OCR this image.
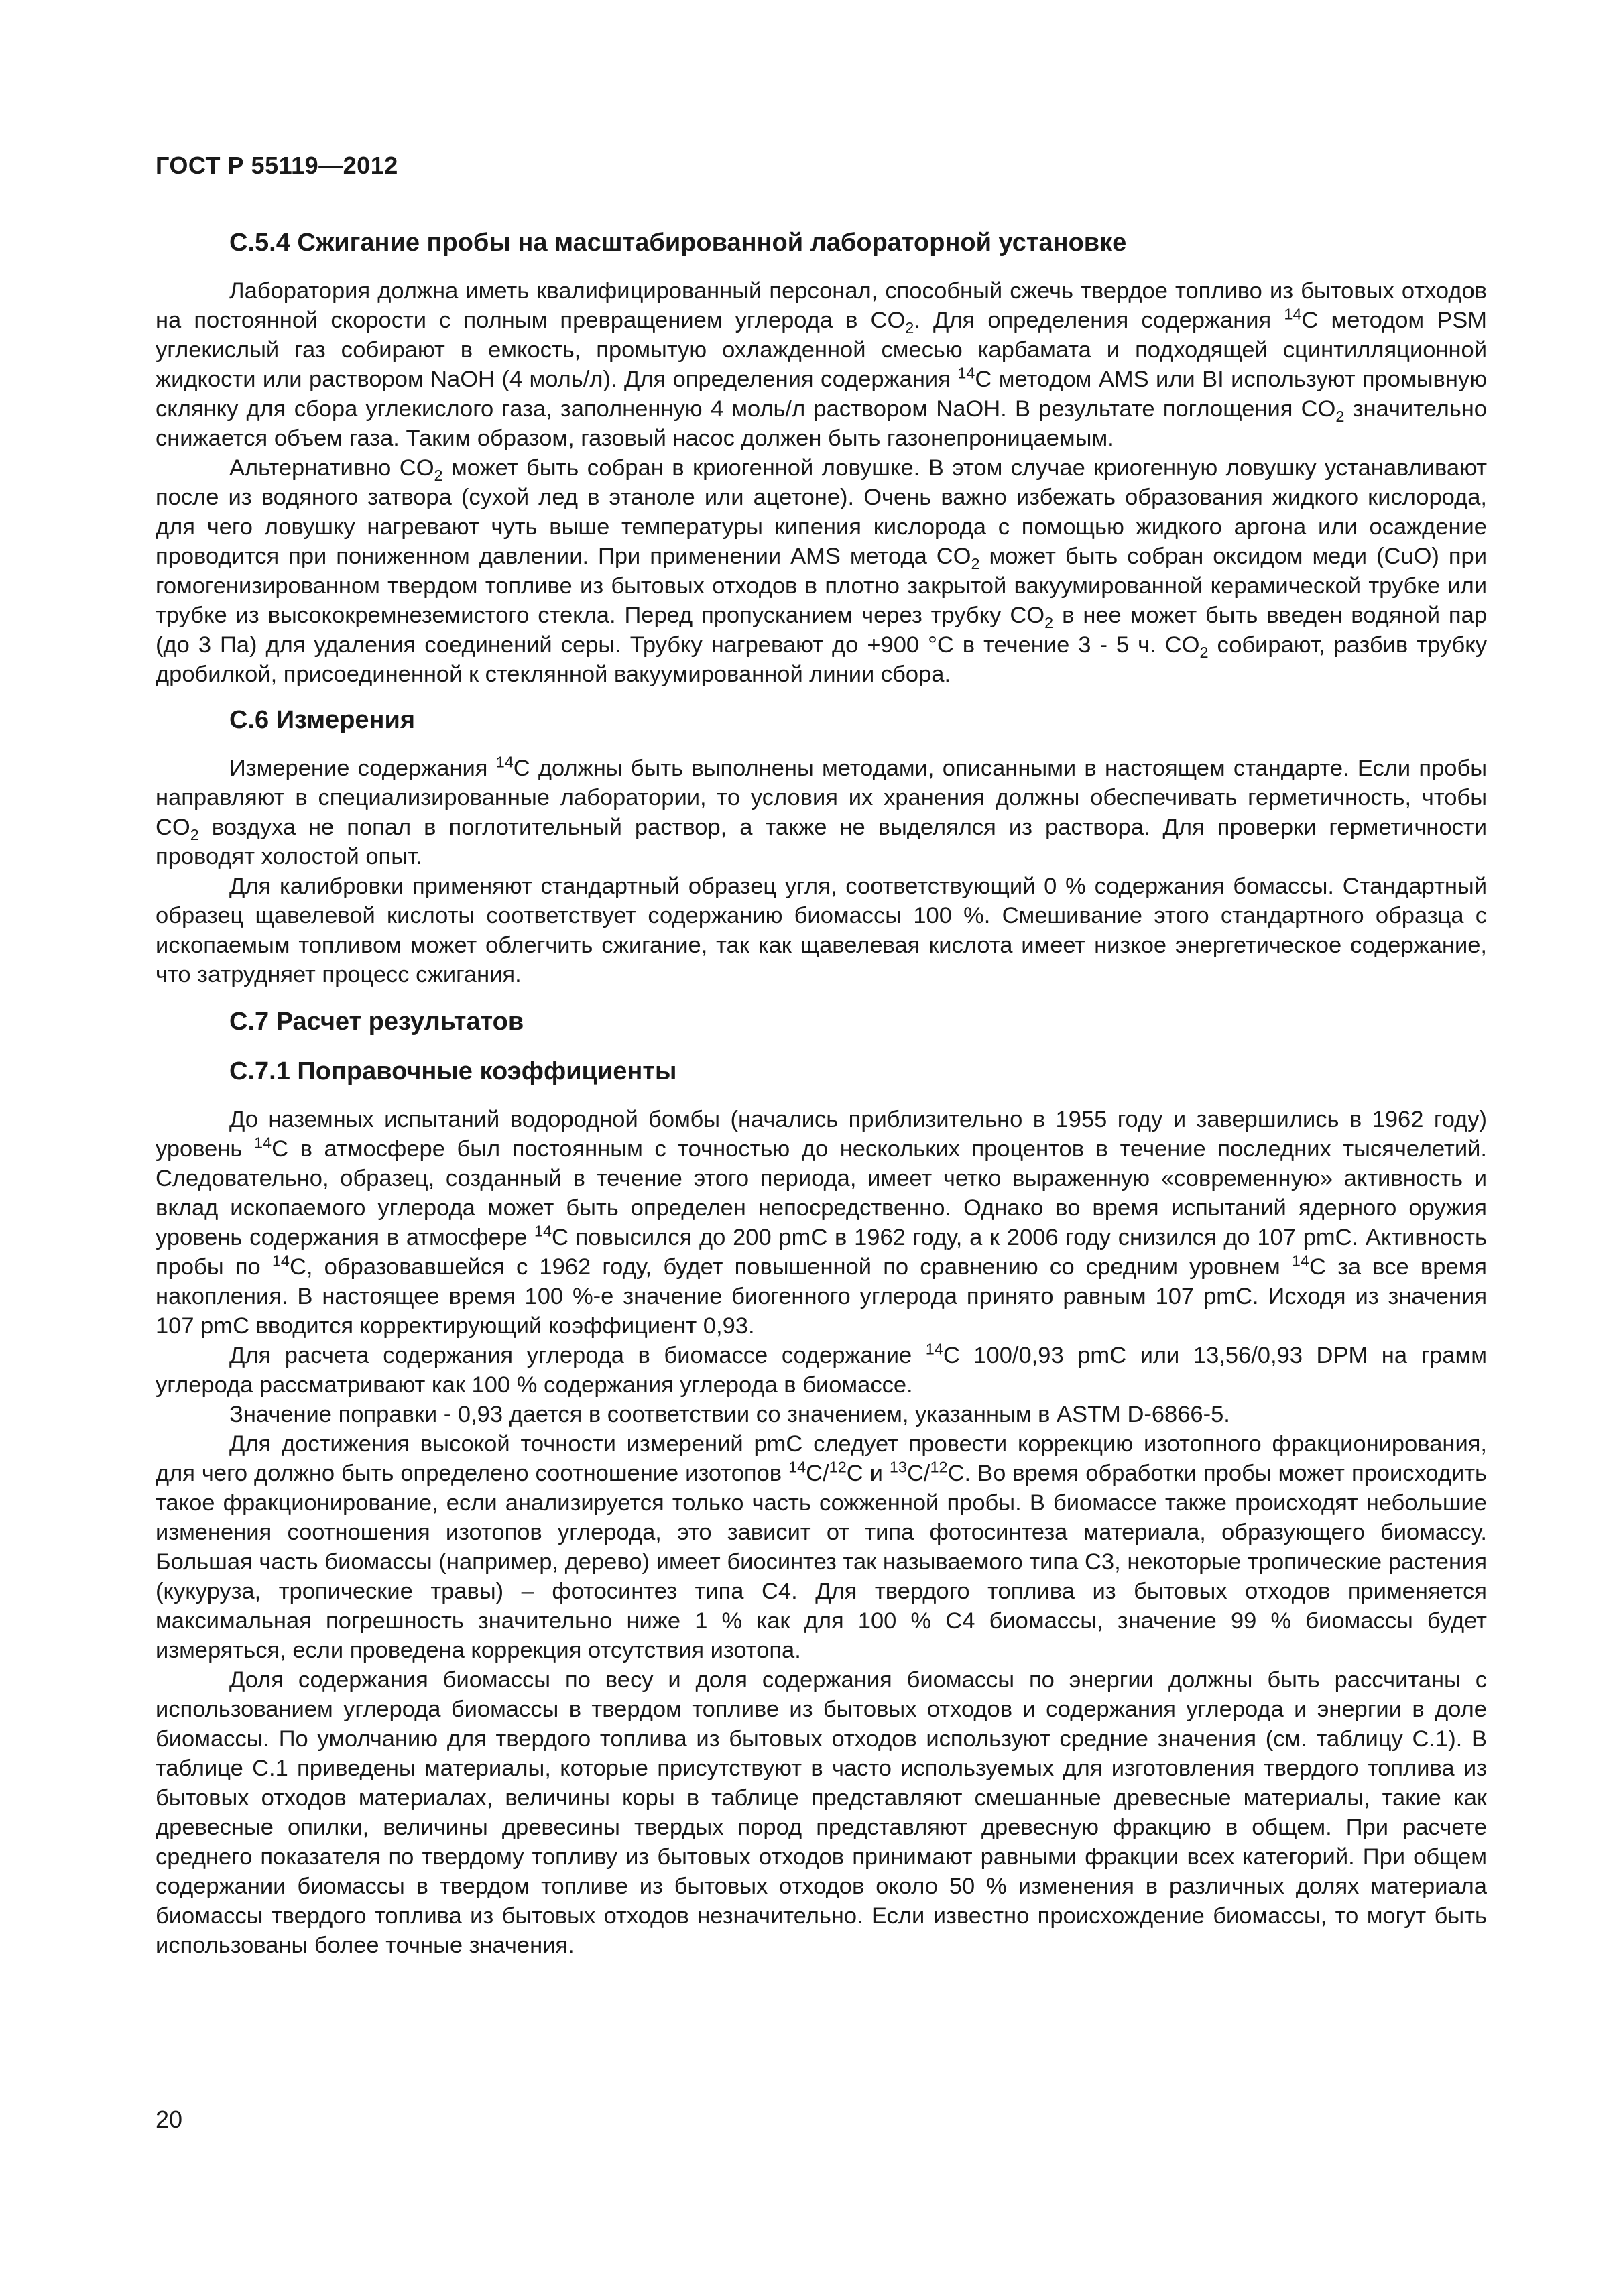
ГОСТ Р 55119—2012
С.5.4 Сжигание пробы на масштабированной лабораторной установке

Лаборатория должна иметь квалифицированный персонал, способный сжечь твердое топливо из бытовых отходов на постоянной скорости с полным превращением углерода в $CO_2$. Для определения содержания $^{14}$C методом PSM углекислый газ собирают в емкость, промытую охлажденной смесью карбамата и подходящей сцинтилляционной жидкости или раствором NaOH (4 моль/л). Для определения содержания $^{14}$С методом AMS или BI используют промывную склянку для сбора углекислого газа, заполненную 4 моль/л раствором NaOH. В результате поглощения $CO_2$ значительно снижается объем газа. Таким образом, газовый насос должен быть газонепроницаемым.

Альтернативно $CO_2$ может быть собран в криогенной ловушке. В этом случае криогенную ловушку устанавливают после из водяного затвора (сухой лед в этаноле или ацетоне). Очень важно избежать образования жидкого кислорода, для чего ловушку нагревают чуть выше температуры кипения кислорода с помощью жидкого аргона или осаждение проводится при пониженном давлении. При применении AMS метода $CO_2$ может быть собран оксидом меди (CuO) при гомогенизированном твердом топливе из бытовых отходов в плотно закрытой вакуумированной керамической трубке или трубке из высококремнеземистого стекла. Перед пропусканием через трубку $CO_2$ в нее может быть введен водяной пар (до 3 Па) для удаления соединений серы. Трубку нагревают до +900 °С в течение 3 - 5 ч. $CO_2$ собирают, разбив трубку дробилкой, присоединенной к стеклянной вакуумированной линии сбора.

С.6 Измерения

Измерение содержания $^{14}$С должны быть выполнены методами, описанными в настоящем стандарте. Если пробы направляют в специализированные лаборатории, то условия их хранения должны обеспечивать герметичность, чтобы $CO_2$ воздуха не попал в поглотительный раствор, а также не выделялся из раствора. Для проверки герметичности проводят холостой опыт.

Для калибровки применяют стандартный образец угля, соответствующий 0 % содержания бомассы. Стандартный образец щавелевой кислоты соответствует содержанию биомассы 100 %. Смешивание этого стандартного образца с ископаемым топливом может облегчить сжигание, так как щавелевая кислота имеет низкое энергетическое содержание, что затрудняет процесс сжигания.

С.7 Расчет результатов
С.7.1 Поправочные коэффициенты

До наземных испытаний водородной бомбы (начались приблизительно в 1955 году и завершились в 1962 году) уровень $^{14}$С в атмосфере был постоянным с точностью до нескольких процентов в течение последних тысячелетий. Следовательно, образец, созданный в течение этого периода, имеет четко выраженную «современную» активность и вклад ископаемого углерода может быть определен непосредственно. Однако во время испытаний ядерного оружия уровень содержания в атмосфере $^{14}$С повысился до 200 pmC в 1962 году, а к 2006 году снизился до 107 pmC. Активность пробы по $^{14}$С, образовавшейся с 1962 году, будет повышенной по сравнению со средним уровнем $^{14}$С за все время накопления. В настоящее время 100 %-е значение биогенного углерода принято равным 107 pmC. Исходя из значения 107 pmC вводится корректирующий коэффициент 0,93.

Для расчета содержания углерода в биомассе содержание $^{14}$С 100/0,93 pmC или 13,56/0,93 DPM на грамм углерода рассматривают как 100 % содержания углерода в биомассе.

Значение поправки - 0,93 дается в соответствии со значением, указанным в ASTM D-6866-5.

Для достижения высокой точности измерений pmC следует провести коррекцию изотопного фракционирования, для чего должно быть определено соотношение изотопов $^{14}$С/$^{12}$С и $^{13}$С/$^{12}$С. Во время обработки пробы может происходить такое фракционирование, если анализируется только часть сожженной пробы. В биомассе также происходят небольшие изменения соотношения изотопов углерода, это зависит от типа фотосинтеза материала, образующего биомассу. Большая часть биомассы (например, дерево) имеет биосинтез так называемого типа С3, некоторые тропические растения (кукуруза, тропические травы) – фотосинтез типа С4. Для твердого топлива из бытовых отходов применяется максимальная погрешность значительно ниже 1 % как для 100 % С4 биомассы, значение 99 % биомассы будет измеряться, если проведена коррекция отсутствия изотопа.

Доля содержания биомассы по весу и доля содержания биомассы по энергии должны быть рассчитаны с использованием углерода биомассы в твердом топливе из бытовых отходов и содержания углерода и энергии в доле биомассы. По умолчанию для твердого топлива из бытовых отходов используют средние значения (см. таблицу С.1). В таблице С.1 приведены материалы, которые присутствуют в часто используемых для изготовления твердого топлива из бытовых отходов материалах, величины коры в таблице представляют смешанные древесные материалы, такие как древесные опилки, величины древесины твердых пород представляют древесную фракцию в общем. При расчете среднего показателя по твердому топливу из бытовых отходов принимают равными фракции всех категорий. При общем содержании биомассы в твердом топливе из бытовых отходов около 50 % изменения в различных долях материала биомассы твердого топлива из бытовых отходов незначительно. Если известно происхождение биомассы, то могут быть использованы более точные значения.

20
